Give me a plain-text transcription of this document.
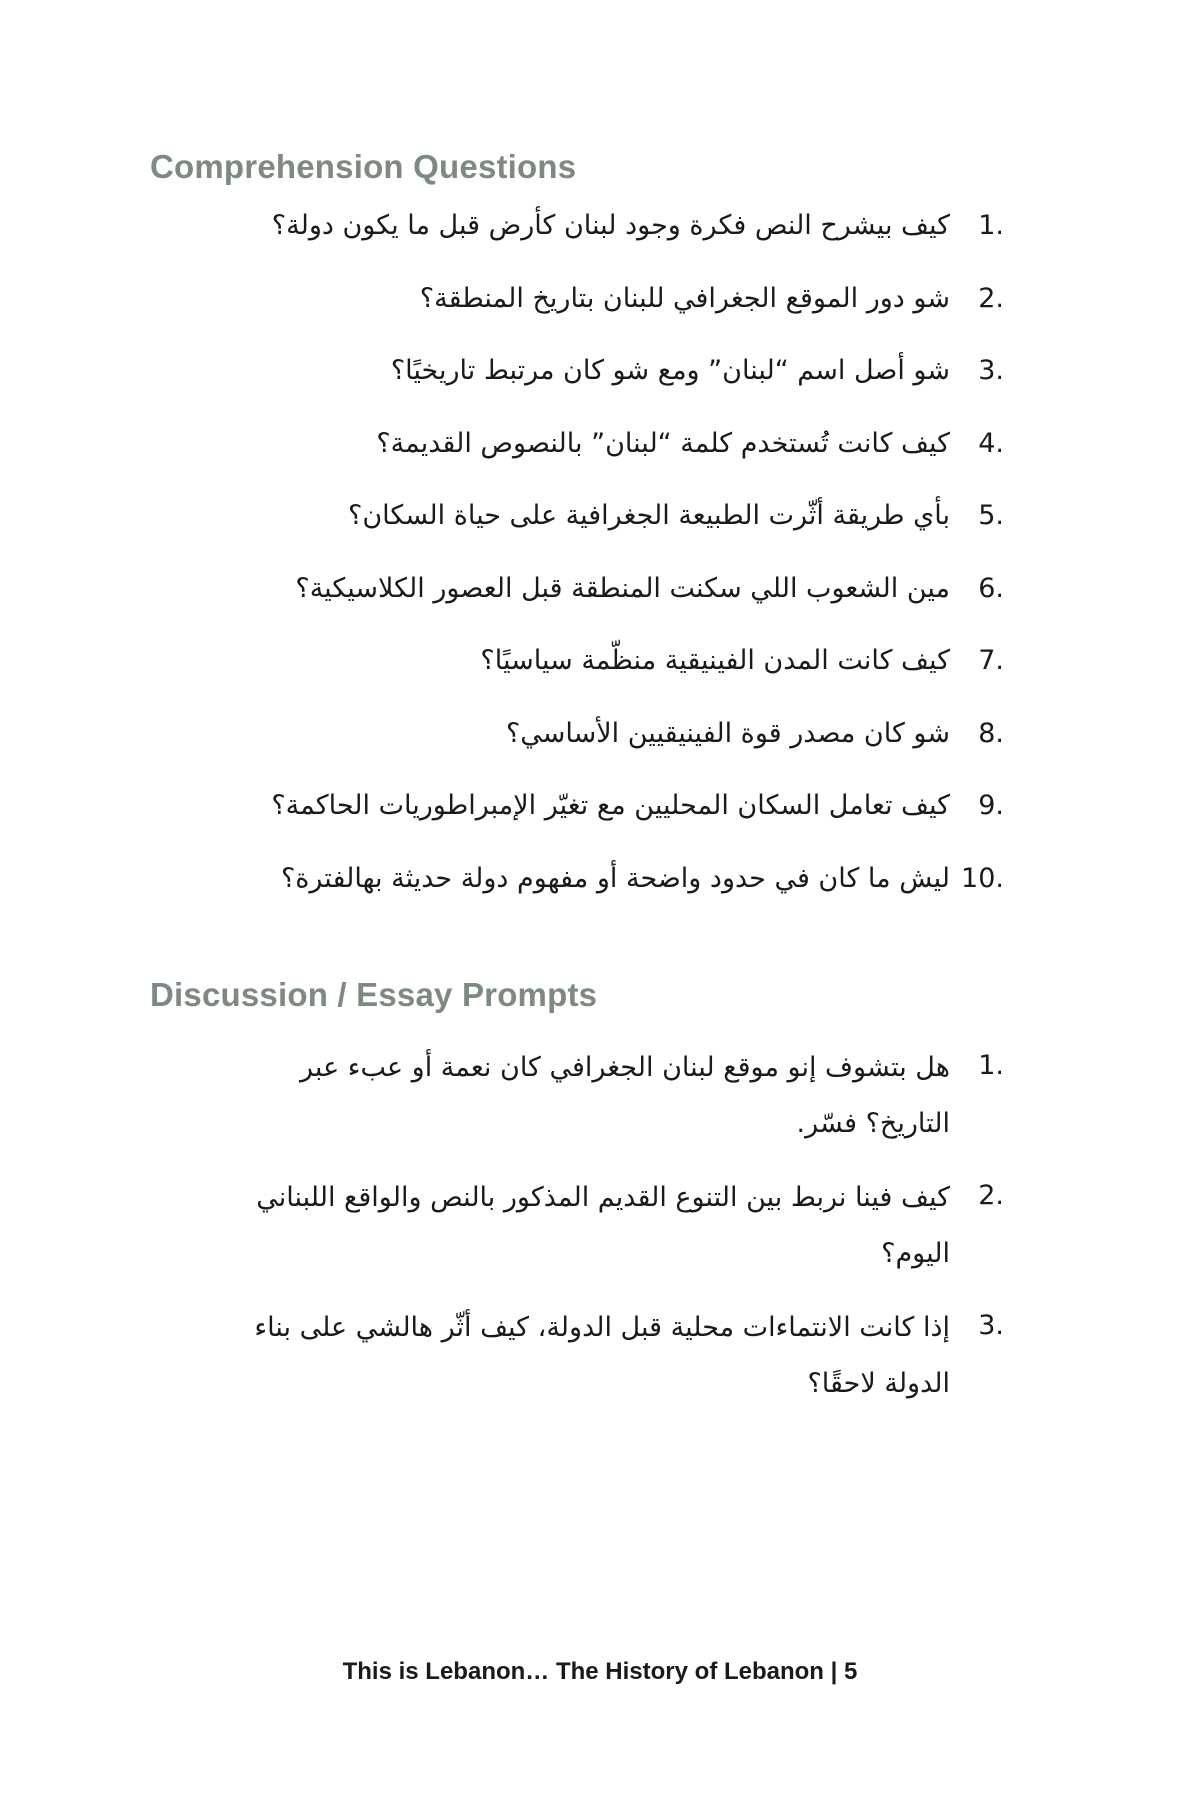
Comprehension Questions
1.
كيف بيشرح النص فكرة وجود لبنان كأرض قبل ما يكون دولة؟
2.
شو دور الموقع الجغرافي للبنان بتاريخ المنطقة؟
3.
شو أصل اسم “لبنان” ومع شو كان مرتبط تاريخيًا؟
4.
كيف كانت تُستخدم كلمة “لبنان” بالنصوص القديمة؟
5.
بأي طريقة أثّرت الطبيعة الجغرافية على حياة السكان؟
6.
مين الشعوب اللي سكنت المنطقة قبل العصور الكلاسيكية؟
7.
كيف كانت المدن الفينيقية منظّمة سياسيًا؟
8.
شو كان مصدر قوة الفينيقيين الأساسي؟
9.
كيف تعامل السكان المحليين مع تغيّر الإمبراطوريات الحاكمة؟
10.
ليش ما كان في حدود واضحة أو مفهوم دولة حديثة بهالفترة؟
Discussion / Essay Prompts
1.
هل بتشوف إنو موقع لبنان الجغرافي كان نعمة أو عبء عبر التاريخ؟ فسّر.
2.
كيف فينا نربط بين التنوع القديم المذكور بالنص والواقع اللبناني اليوم؟
3.
إذا كانت الانتماءات محلية قبل الدولة، كيف أثّر هالشي على بناء الدولة لاحقًا؟
This is Lebanon… The History of Lebanon | 5
